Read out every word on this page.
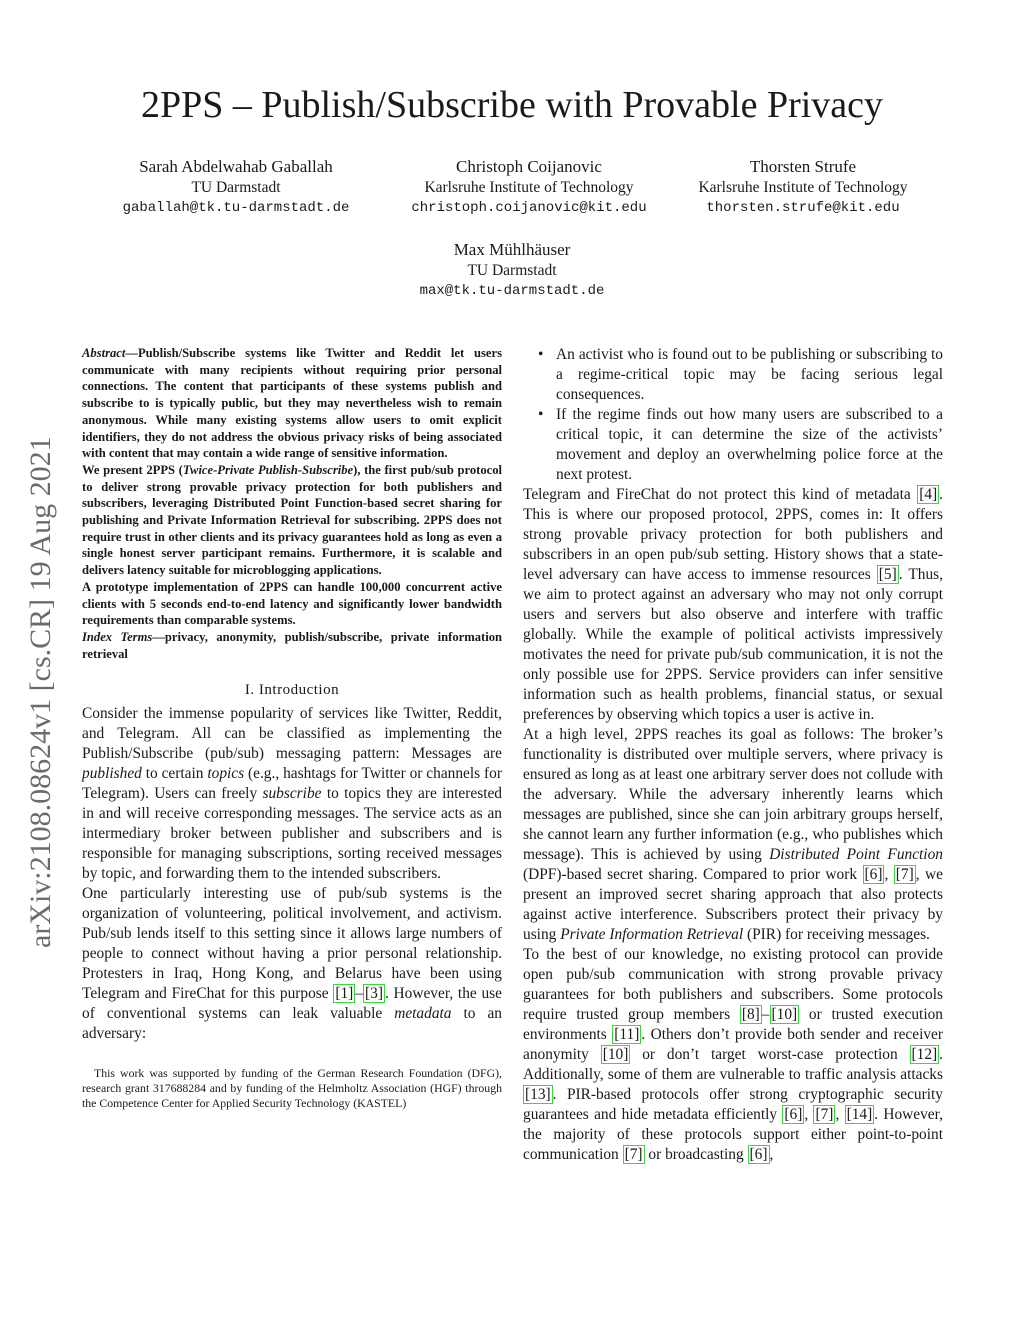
2PPS – Publish/Subscribe with Provable Privacy
Sarah Abdelwahab Gaballah
TU Darmstadt
gaballah@tk.tu-darmstadt.de
Christoph Coijanovic
Karlsruhe Institute of Technology
christoph.coijanovic@kit.edu
Thorsten Strufe
Karlsruhe Institute of Technology
thorsten.strufe@kit.edu
Max Mühlhäuser
TU Darmstadt
max@tk.tu-darmstadt.de
arXiv:2108.08624v1 [cs.CR] 19 Aug 2021

Abstract—Publish/Subscribe systems like Twitter and Reddit let users communicate with many recipients without requiring prior personal connections. The content that participants of these systems publish and subscribe to is typically public, but they may nevertheless wish to remain anonymous. While many existing systems allow users to omit explicit identifiers, they do not address the obvious privacy risks of being associated with content that may contain a wide range of sensitive information.

We present 2PPS (Twice-Private Publish-Subscribe), the first pub/sub protocol to deliver strong provable privacy protection for both publishers and subscribers, leveraging Distributed Point Function-based secret sharing for publishing and Private Information Retrieval for subscribing. 2PPS does not require trust in other clients and its privacy guarantees hold as long as even a single honest server participant remains. Furthermore, it is scalable and delivers latency suitable for microblogging applications.

A prototype implementation of 2PPS can handle 100,000 concurrent active clients with 5 seconds end-to-end latency and significantly lower bandwidth requirements than comparable systems.

Index Terms—privacy, anonymity, publish/subscribe, private information retrieval

I. Introduction

Consider the immense popularity of services like Twitter, Reddit, and Telegram. All can be classified as implementing the Publish/Subscribe (pub/sub) messaging pattern: Messages are published to certain topics (e.g., hashtags for Twitter or channels for Telegram). Users can freely subscribe to topics they are interested in and will receive corresponding messages. The service acts as an intermediary broker between publisher and subscribers and is responsible for managing subscriptions, sorting received messages by topic, and forwarding them to the intended subscribers.

One particularly interesting use of pub/sub systems is the organization of volunteering, political involvement, and activism. Pub/sub lends itself to this setting since it allows large numbers of people to connect without having a prior personal relationship. Protesters in Iraq, Hong Kong, and Belarus have been using Telegram and FireChat for this purpose [1] – [3] . However, the use of conventional systems can leak valuable metadata to an adversary:

This work was supported by funding of the German Research Foundation (DFG), research grant 317688284 and by funding of the Helmholtz Association (HGF) through the Competence Center for Applied Security Technology (KASTEL)

• An activist who is found out to be publishing or subscribing to a regime-critical topic may be facing serious legal consequences.
• If the regime finds out how many users are subscribed to a critical topic, it can determine the size of the activists’ movement and deploy an overwhelming police force at the next protest.

Telegram and FireChat do not protect this kind of metadata [4] . This is where our proposed protocol, 2PPS, comes in: It offers strong provable privacy protection for both publishers and subscribers in an open pub/sub setting. History shows that a state-level adversary can have access to immense resources [5] . Thus, we aim to protect against an adversary who may not only corrupt users and servers but also observe and interfere with traffic globally. While the example of political activists impressively motivates the need for private pub/sub communication, it is not the only possible use for 2PPS. Service providers can infer sensitive information such as health problems, financial status, or sexual preferences by observing which topics a user is active in.

At a high level, 2PPS reaches its goal as follows: The broker’s functionality is distributed over multiple servers, where privacy is ensured as long as at least one arbitrary server does not collude with the adversary. While the adversary inherently learns which messages are published, since she can join arbitrary groups herself, she cannot learn any further information (e.g., who publishes which message). This is achieved by using Distributed Point Function (DPF)-based secret sharing. Compared to prior work [6] , [7] , we present an improved secret sharing approach that also protects against active interference. Subscribers protect their privacy by using Private Information Retrieval (PIR) for receiving messages.

To the best of our knowledge, no existing protocol can provide open pub/sub communication with strong provable privacy guarantees for both publishers and subscribers. Some protocols require trusted group members [8] – [10] or trusted execution environments [11] . Others don’t provide both sender and receiver anonymity [10] or don’t target worst-case protection [12] . Additionally, some of them are vulnerable to traffic analysis attacks [13] . PIR-based protocols offer strong cryptographic security guarantees and hide metadata efficiently [6] , [7] , [14] . However, the majority of these protocols support either point-to-point communication [7] or broadcasting [6] ,
